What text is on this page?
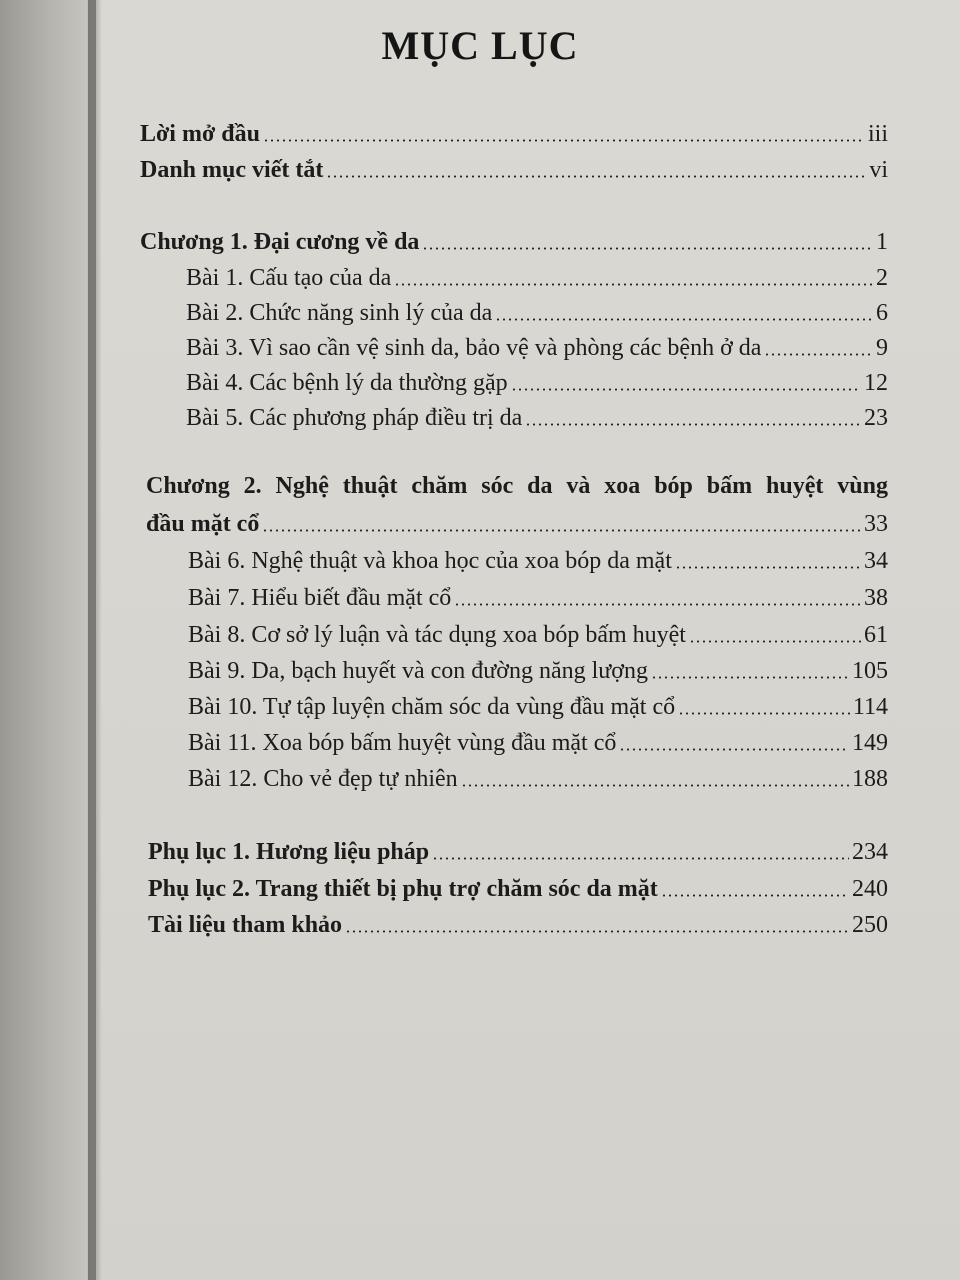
MỤC LỤC
Lời mở đầu	iii
Danh mục viết tắt	vi
Chương 1. Đại cương về da	1
Bài 1. Cấu tạo của da	2
Bài 2. Chức năng sinh lý của da	6
Bài 3. Vì sao cần vệ sinh da, bảo vệ và phòng các bệnh ở da	9
Bài 4. Các bệnh lý da thường gặp	12
Bài 5. Các phương pháp điều trị da	23
Chương 2. Nghệ thuật chăm sóc da và xoa bóp bấm huyệt vùng
đầu mặt cổ	33
Bài 6. Nghệ thuật và khoa học của xoa bóp da mặt	34
Bài 7. Hiểu biết đầu mặt cổ	38
Bài 8. Cơ sở lý luận và tác dụng xoa bóp bấm huyệt	61
Bài 9. Da, bạch huyết và con đường năng lượng	105
Bài 10. Tự tập luyện chăm sóc da vùng đầu mặt cổ	114
Bài 11. Xoa bóp bấm huyệt vùng đầu mặt cổ	149
Bài 12. Cho vẻ đẹp tự nhiên	188
Phụ lục 1. Hương liệu pháp	234
Phụ lục 2. Trang thiết bị phụ trợ chăm sóc da mặt	240
Tài liệu tham khảo	250
